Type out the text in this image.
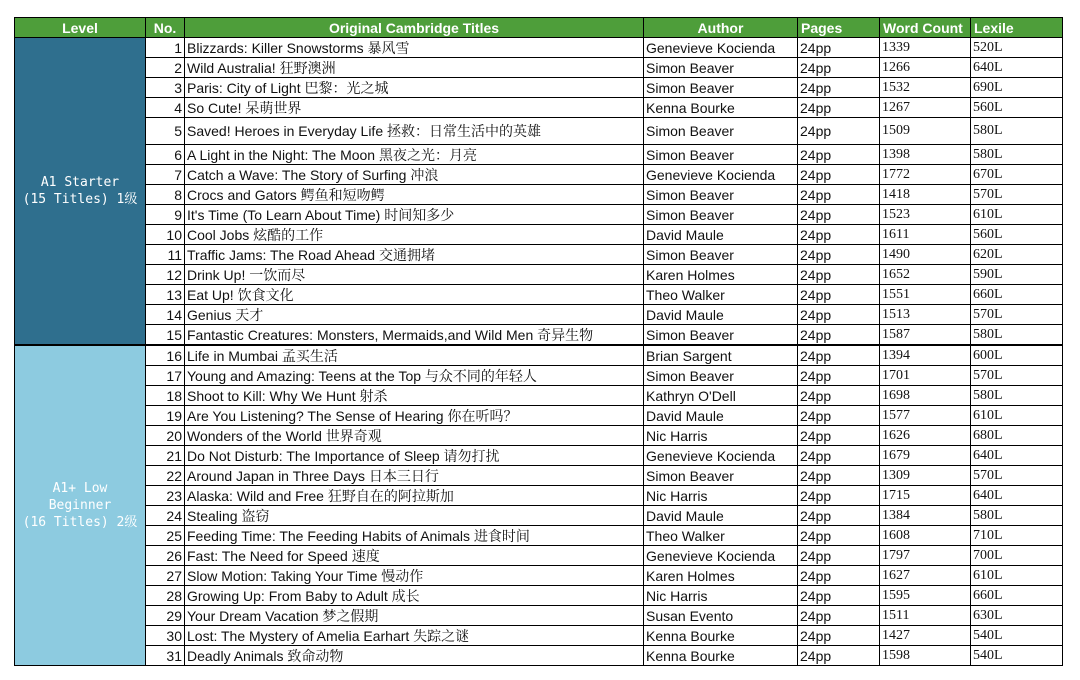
Level	No.	Original Cambridge Titles	Author	Pages	Word Count	Lexile

A1 Starter
(15 Titles) 1级	1	Blizzards: Killer Snowstorms 暴风雪	Genevieve Kocienda	24pp	1339	520L
	2	Wild Australia! 狂野澳洲	Simon Beaver	24pp	1266	640L
	3	Paris: City of Light 巴黎：光之城	Simon Beaver	24pp	1532	690L
	4	So Cute! 呆萌世界	Kenna Bourke	24pp	1267	560L
	5	Saved! Heroes in Everyday Life 拯救：日常生活中的英雄	Simon Beaver	24pp	1509	580L
	6	A Light in the Night: The Moon 黑夜之光：月亮	Simon Beaver	24pp	1398	580L
	7	Catch a Wave: The Story of Surfing 冲浪	Genevieve Kocienda	24pp	1772	670L
	8	Crocs and Gators 鳄鱼和短吻鳄	Simon Beaver	24pp	1418	570L
	9	It's Time (To Learn About Time) 时间知多少	Simon Beaver	24pp	1523	610L
	10	Cool Jobs 炫酷的工作	David Maule	24pp	1611	560L
	11	Traffic Jams: The Road Ahead 交通拥堵	Simon Beaver	24pp	1490	620L
	12	Drink Up! 一饮而尽	Karen Holmes	24pp	1652	590L
	13	Eat Up! 饮食文化	Theo Walker	24pp	1551	660L
	14	Genius 天才	David Maule	24pp	1513	570L
	15	Fantastic Creatures: Monsters, Mermaids,and Wild Men 奇异生物	Simon Beaver	24pp	1587	580L

A1+ Low
Beginner
(16 Titles) 2级	16	Life in Mumbai 孟买生活	Brian Sargent	24pp	1394	600L
	17	Young and Amazing: Teens at the Top 与众不同的年轻人	Simon Beaver	24pp	1701	570L
	18	Shoot to Kill: Why We Hunt 射杀	Kathryn O'Dell	24pp	1698	580L
	19	Are You Listening? The Sense of Hearing 你在听吗？	David Maule	24pp	1577	610L
	20	Wonders of the World 世界奇观	Nic Harris	24pp	1626	680L
	21	Do Not Disturb: The Importance of Sleep 请勿打扰	Genevieve Kocienda	24pp	1679	640L
	22	Around Japan in Three Days 日本三日行	Simon Beaver	24pp	1309	570L
	23	Alaska: Wild and Free 狂野自在的阿拉斯加	Nic Harris	24pp	1715	640L
	24	Stealing 盗窃	David Maule	24pp	1384	580L
	25	Feeding Time: The Feeding Habits of Animals 进食时间	Theo Walker	24pp	1608	710L
	26	Fast: The Need for Speed 速度	Genevieve Kocienda	24pp	1797	700L
	27	Slow Motion: Taking Your Time 慢动作	Karen Holmes	24pp	1627	610L
	28	Growing Up: From Baby to Adult 成长	Nic Harris	24pp	1595	660L
	29	Your Dream Vacation 梦之假期	Susan Evento	24pp	1511	630L
	30	Lost: The Mystery of Amelia Earhart 失踪之谜	Kenna Bourke	24pp	1427	540L
	31	Deadly Animals 致命动物	Kenna Bourke	24pp	1598	540L
